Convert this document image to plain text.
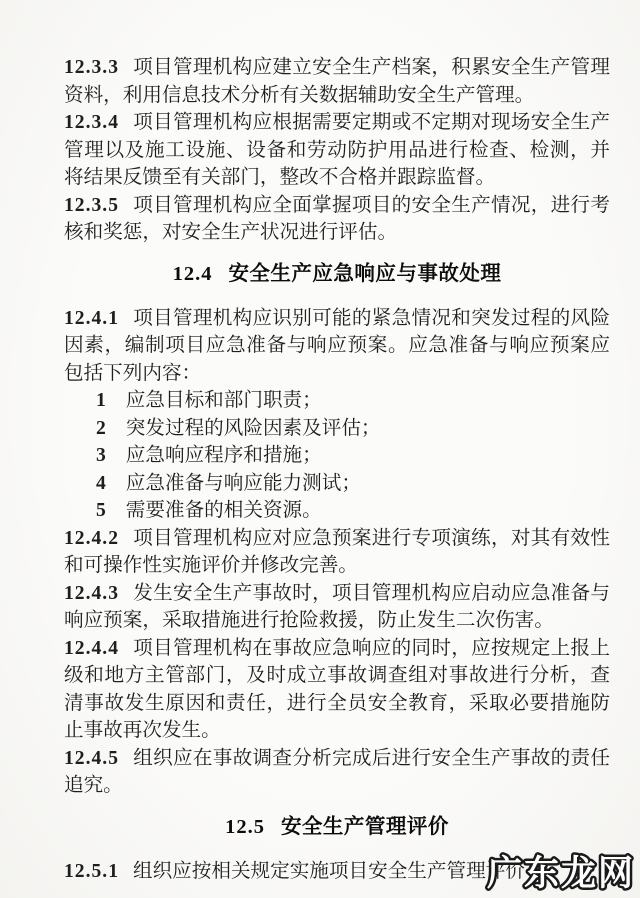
12.3.3 项目管理机构应建立安全生产档案，积累安全生产管理资料，利用信息技术分析有关数据辅助安全生产管理。

12.3.4 项目管理机构应根据需要定期或不定期对现场安全生产管理以及施工设施、设备和劳动防护用品进行检查、检测，并将结果反馈至有关部门，整改不合格并跟踪监督。

12.3.5 项目管理机构应全面掌握项目的安全生产情况，进行考核和奖惩，对安全生产状况进行评估。

12.4 安全生产应急响应与事故处理

12.4.1 项目管理机构应识别可能的紧急情况和突发过程的风险因素，编制项目应急准备与响应预案。应急准备与响应预案应包括下列内容：

1 应急目标和部门职责；

2 突发过程的风险因素及评估；

3 应急响应程序和措施；

4 应急准备与响应能力测试；

5 需要准备的相关资源。

12.4.2 项目管理机构应对应急预案进行专项演练，对其有效性和可操作性实施评价并修改完善。

12.4.3 发生安全生产事故时，项目管理机构应启动应急准备与响应预案，采取措施进行抢险救援，防止发生二次伤害。

12.4.4 项目管理机构在事故应急响应的同时，应按规定上报上级和地方主管部门，及时成立事故调查组对事故进行分析，查清事故发生原因和责任，进行全员安全教育，采取必要措施防止事故再次发生。

12.4.5 组织应在事故调查分析完成后进行安全生产事故的责任追究。

12.5 安全生产管理评价

12.5.1 组织应按相关规定实施项目安全生产管理评价

广东龙网
